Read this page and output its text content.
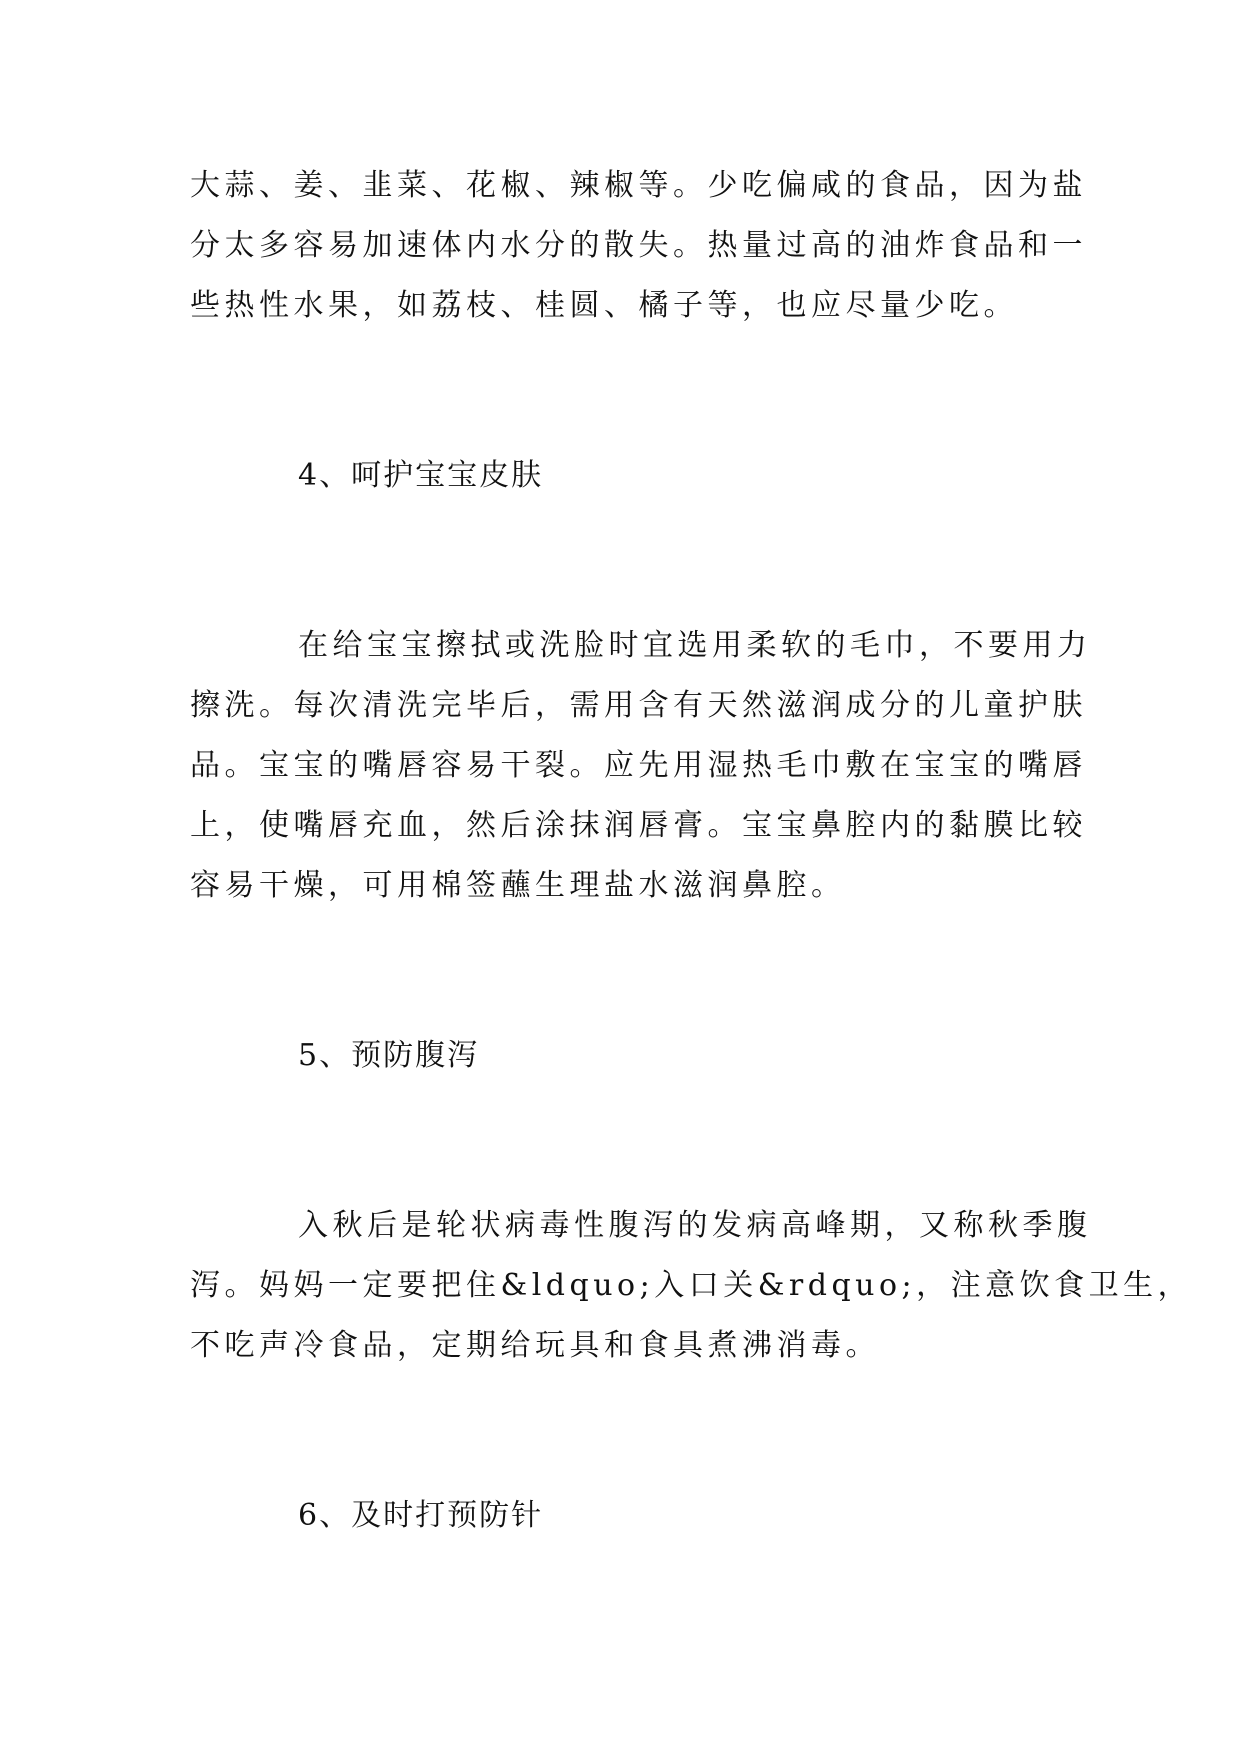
大蒜、姜、韭菜、花椒、辣椒等。少吃偏咸的食品，因为盐
分太多容易加速体内水分的散失。热量过高的油炸食品和一
些热性水果，如荔枝、桂圆、橘子等，也应尽量少吃。
4、呵护宝宝皮肤
在给宝宝擦拭或洗脸时宜选用柔软的毛巾，不要用力
擦洗。每次清洗完毕后，需用含有天然滋润成分的儿童护肤
品。宝宝的嘴唇容易干裂。应先用湿热毛巾敷在宝宝的嘴唇
上，使嘴唇充血，然后涂抹润唇膏。宝宝鼻腔内的黏膜比较
容易干燥，可用棉签蘸生理盐水滋润鼻腔。
5、预防腹泻
入秋后是轮状病毒性腹泻的发病高峰期，又称秋季腹
泻。妈妈一定要把住&ldquo;入口关&rdquo;，注意饮食卫生，
不吃声冷食品，定期给玩具和食具煮沸消毒。
6、及时打预防针
